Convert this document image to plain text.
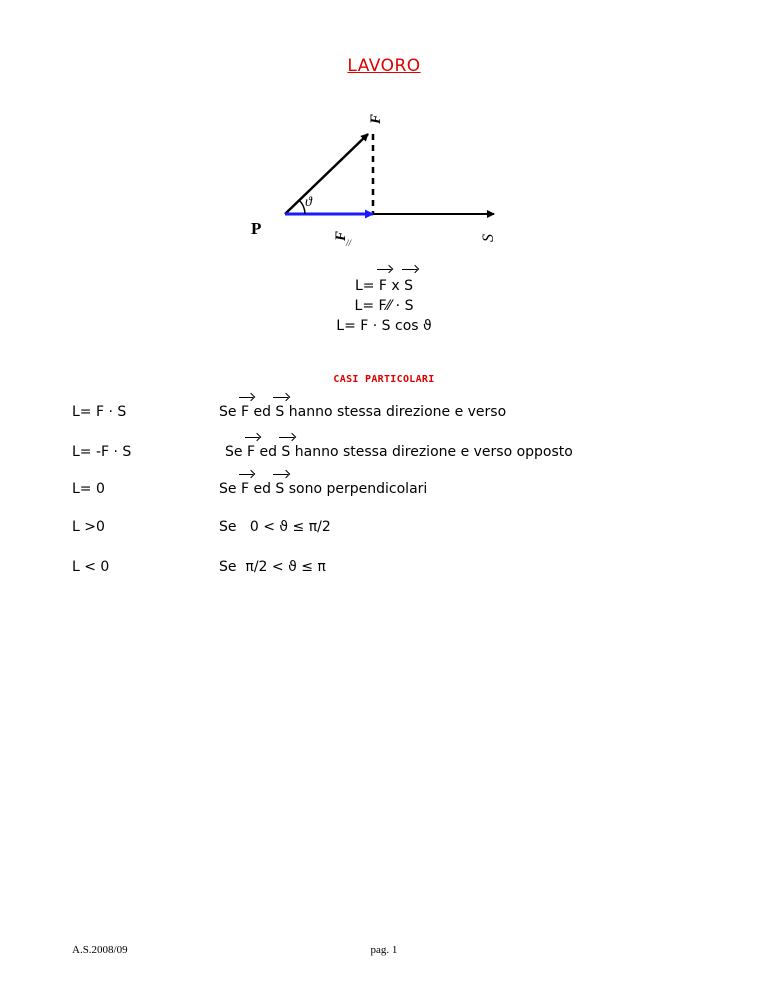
LAVORO
ϑ
P
F
F
//	S
L= F x S
L= F⁄⁄ · S
L= F · S cos ϑ
CASI PARTICOLARI
L= F · S	Se F ed S hanno stessa direzione e verso
L= -F · S	Se F ed S hanno stessa direzione e verso opposto
L= 0	Se F ed S sono perpendicolari
L >0	Se   0 < ϑ ≤ π/2
L < 0	Se  π/2 < ϑ ≤ π
A.S.2008/09	pag. 1
